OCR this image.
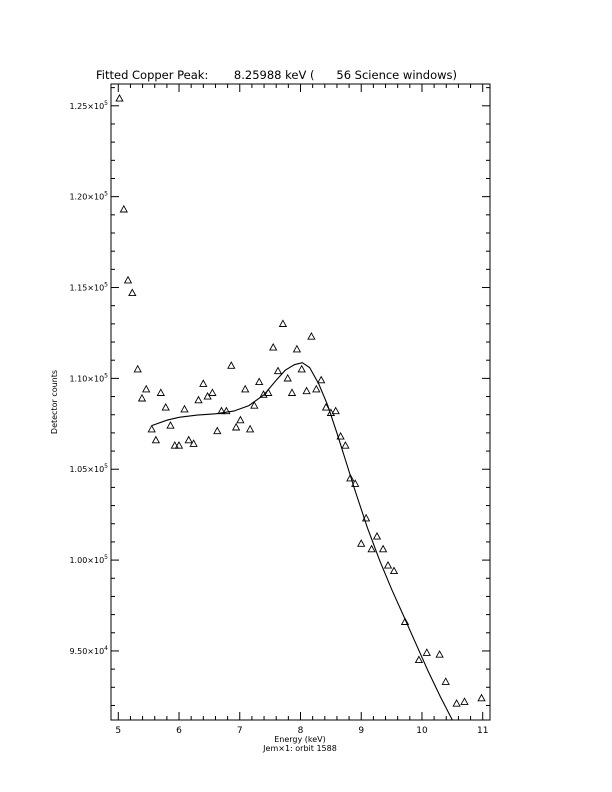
5	6	7	8	9	10	11
$1.25\times 10^5$
$1.20\times 10^5$
$1.15\times 10^5$
$1.10\times 10^5$
$1.05\times 10^5$
$1.00\times 10^5$
$9.50\times 10^4$
Fitted Copper Peak:       8.25988 keV (      56 Science windows)
Energy (keV)
Jem×1: orbit 1588
Detector counts
